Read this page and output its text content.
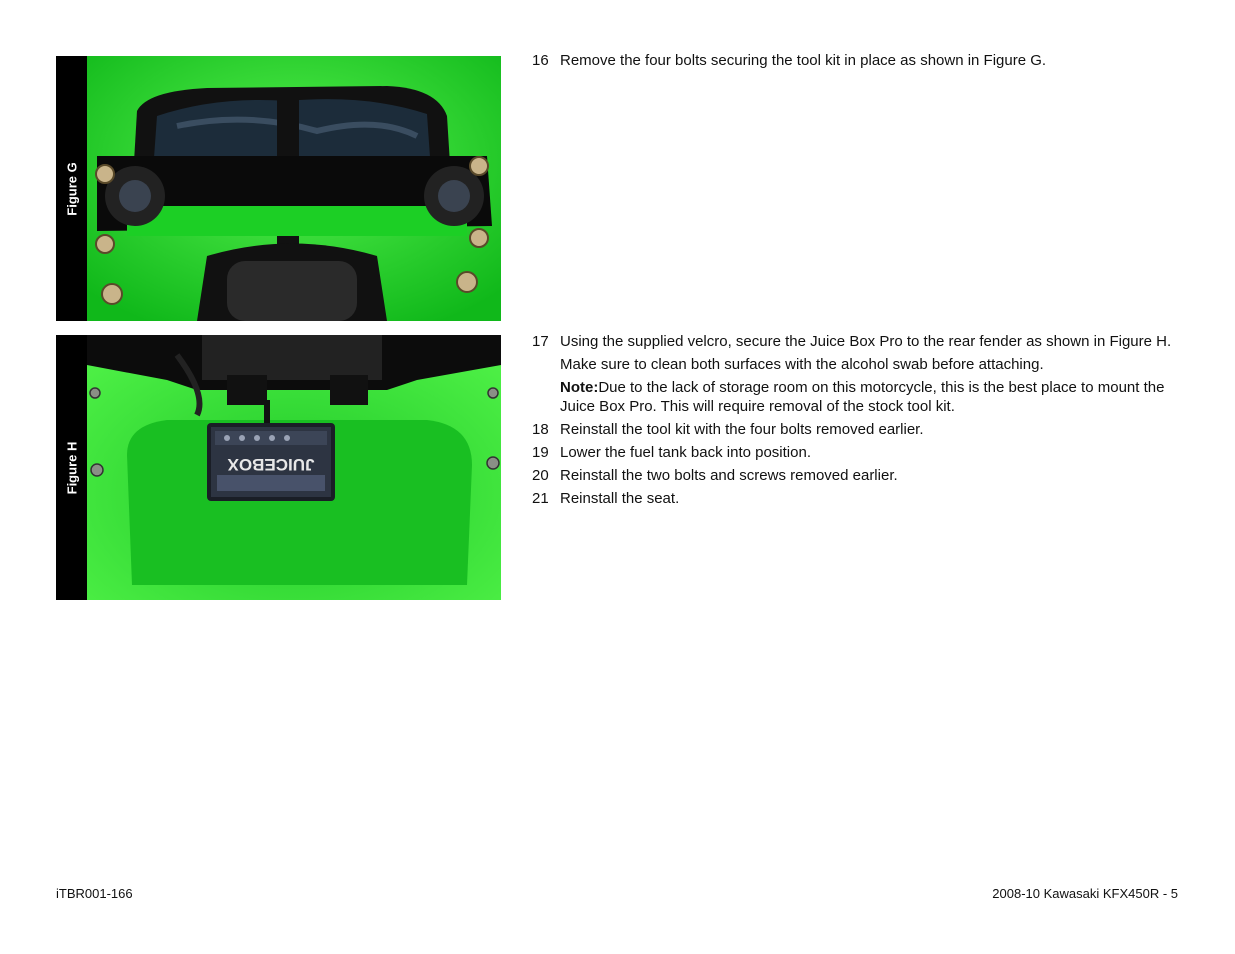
Figure G
Figure H	JUICEBOX
16 Remove the four bolts securing the tool kit in place as shown in Figure G.

17 Using the supplied velcro, secure the Juice Box Pro to the rear fender as shown in Figure H.

Make sure to clean both surfaces with the alcohol swab before attaching.

Note:Due to the lack of storage room on this motorcycle, this is the best place to mount the Juice Box Pro. This will require removal of the stock tool kit.

18 Reinstall the tool kit with the four bolts removed earlier.

19 Lower the fuel tank back into position.

20 Reinstall the two bolts and screws removed earlier.

21 Reinstall the seat.

iTBR001-166	2008-10 Kawasaki KFX450R - 5
